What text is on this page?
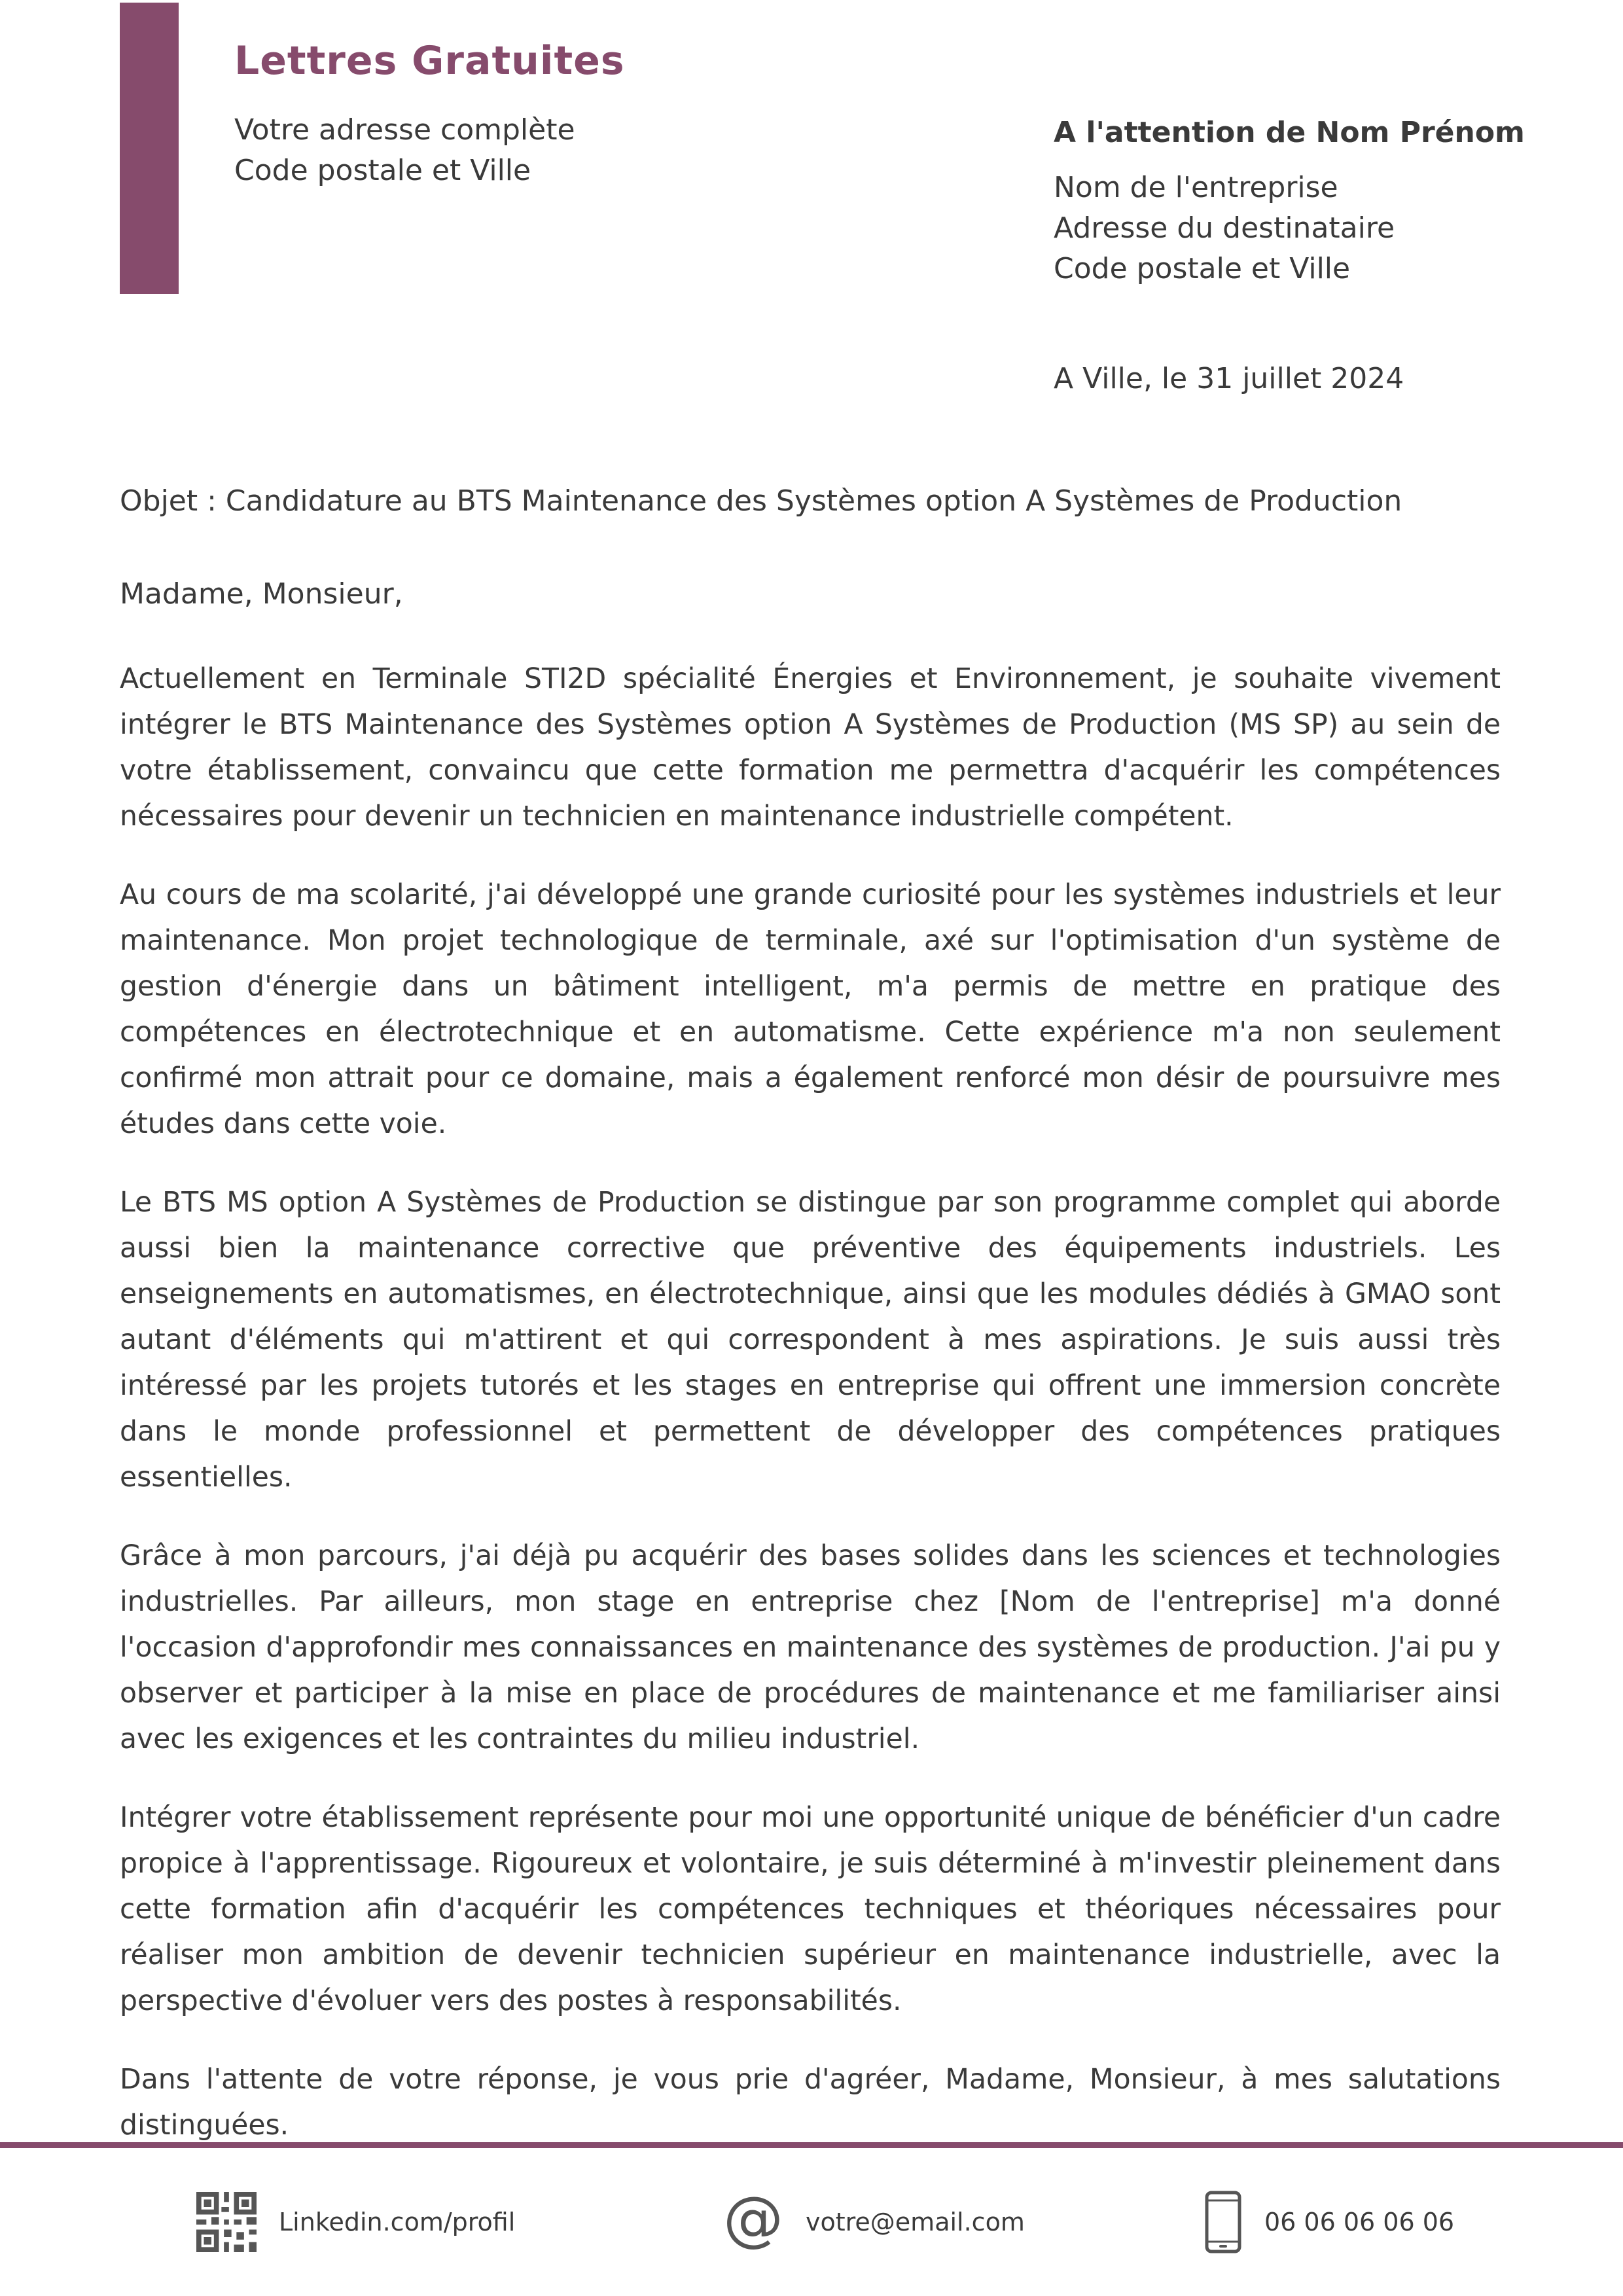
Lettres Gratuites
Votre adresse complète
Code postale et Ville
A l'attention de Nom Prénom
Nom de l'entreprise
Adresse du destinataire
Code postale et Ville
A Ville, le 31 juillet 2024
Objet : Candidature au BTS Maintenance des Systèmes option A Systèmes de Production
Madame, Monsieur,

Actuellement en Terminale STI2D spécialité Énergies et Environnement, je souhaite vivement intégrer le BTS Maintenance des Systèmes option A Systèmes de Production (MS SP) au sein de votre établissement, convaincu que cette formation me permettra d'acquérir les compétences nécessaires pour devenir un technicien en maintenance industrielle compétent.

Au cours de ma scolarité, j'ai développé une grande curiosité pour les systèmes industriels et leur maintenance. Mon projet technologique de terminale, axé sur l'optimisation d'un système de gestion d'énergie dans un bâtiment intelligent, m'a permis de mettre en pratique des compétences en électrotechnique et en automatisme. Cette expérience m'a non seulement confirmé mon attrait pour ce domaine, mais a également renforcé mon désir de poursuivre mes études dans cette voie.

Le BTS MS option A Systèmes de Production se distingue par son programme complet qui aborde aussi bien la maintenance corrective que préventive des équipements industriels. Les enseignements en automatismes, en électrotechnique, ainsi que les modules dédiés à GMAO sont autant d'éléments qui m'attirent et qui correspondent à mes aspirations. Je suis aussi très intéressé par les projets tutorés et les stages en entreprise qui offrent une immersion concrète dans le monde professionnel et permettent de développer des compétences pratiques essentielles.

Grâce à mon parcours, j'ai déjà pu acquérir des bases solides dans les sciences et technologies industrielles. Par ailleurs, mon stage en entreprise chez [Nom de l'entreprise] m'a donné l'occasion d'approfondir mes connaissances en maintenance des systèmes de production. J'ai pu y observer et participer à la mise en place de procédures de maintenance et me familiariser ainsi avec les exigences et les contraintes du milieu industriel.

Intégrer votre établissement représente pour moi une opportunité unique de bénéficier d'un cadre propice à l'apprentissage. Rigoureux et volontaire, je suis déterminé à m'investir pleinement dans cette formation afin d'acquérir les compétences techniques et théoriques nécessaires pour réaliser mon ambition de devenir technicien supérieur en maintenance industrielle, avec la perspective d'évoluer vers des postes à responsabilités.

Dans l'attente de votre réponse, je vous prie d'agréer, Madame, Monsieur, à mes salutations distinguées.

Linkedin.com/profil	@ votre@email.com	06 06 06 06 06
